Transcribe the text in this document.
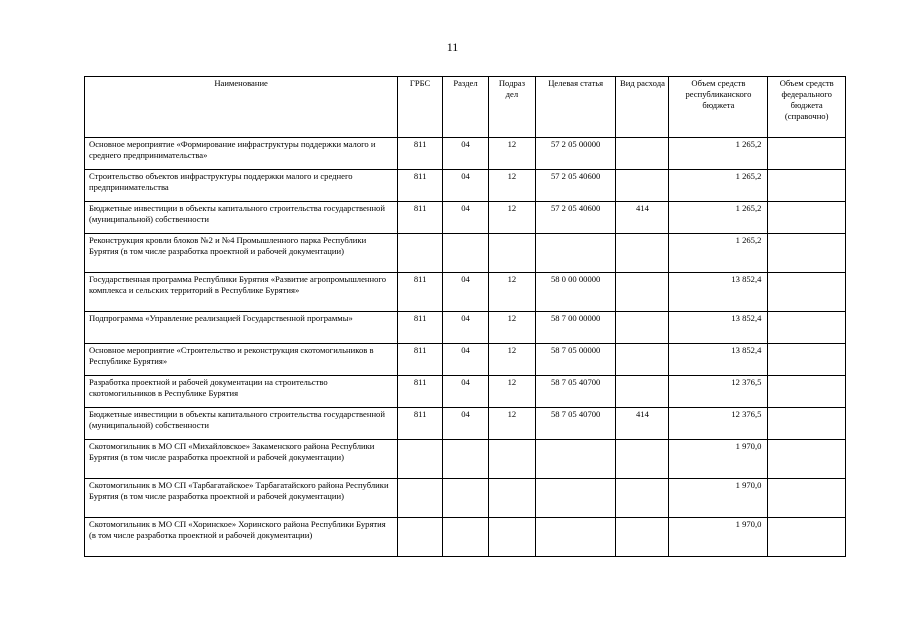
11
Наименование	ГРБС	Раздел	Подраз дел	Целевая статья	Вид расхода	Объем средств республиканского бюджета	Объем средств федерального бюджета (справочно)
Основное мероприятие «Формирование инфраструктуры поддержки малого и среднего предпринимательства»	811	04	12	57 2 05 00000		1 265,2	
Строительство объектов инфраструктуры поддержки малого и среднего предпринимательства	811	04	12	57 2 05 40600		1 265,2	
Бюджетные инвестиции в объекты капитального строительства государственной (муниципальной) собственности	811	04	12	57 2 05 40600	414	1 265,2	
Реконструкция кровли блоков №2 и №4 Промышленного парка Республики Бурятия (в том числе разработка проектной и рабочей документации)						1 265,2	
Государственная программа Республики Бурятия «Развитие агропромышленного комплекса и сельских территорий в Республике Бурятия»	811	04	12	58 0 00 00000		13 852,4	
Подпрограмма «Управление реализацией Государственной программы»	811	04	12	58 7 00 00000		13 852,4	
Основное мероприятие «Строительство и реконструкция скотомогильников в Республике Бурятия»	811	04	12	58 7 05 00000		13 852,4	
Разработка проектной и рабочей документации на строительство скотомогильников в Республике Бурятия	811	04	12	58 7 05 40700		12 376,5	
Бюджетные инвестиции в объекты капитального строительства государственной (муниципальной) собственности	811	04	12	58 7 05 40700	414	12 376,5	
Скотомогильник в МО СП «Михайловское» Закаменского района Республики Бурятия (в том числе разработка проектной и рабочей документации)						1 970,0	
Скотомогильник в МО СП «Тарбагатайское» Тарбагатайского района Республики Бурятия (в том числе разработка проектной и рабочей документации)						1 970,0	
Скотомогильник в МО СП «Хоринское» Хоринского района Республики Бурятия (в том числе разработка проектной и рабочей документации)						1 970,0	
